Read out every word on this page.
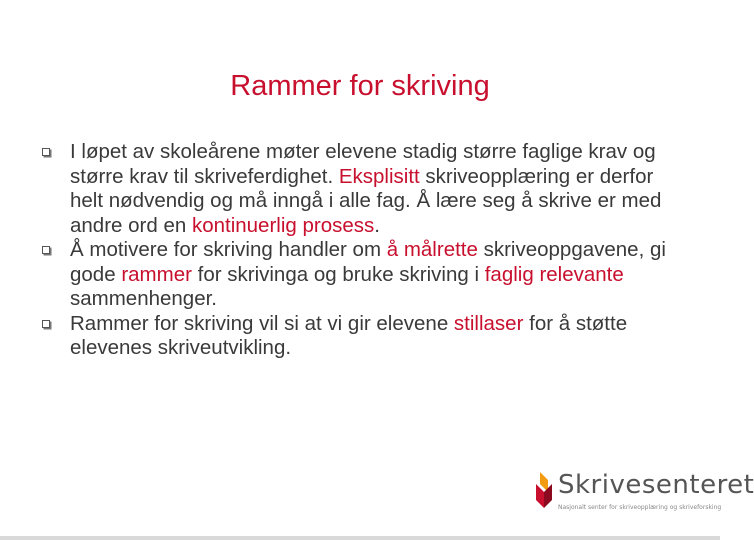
Rammer for skriving
I løpet av skoleårene møter elevene stadig større faglige krav og større krav til skriveferdighet. Eksplisitt skriveopplæring er derfor helt nødvendig og må inngå i alle fag. Å lære seg å skrive er med andre ord en kontinuerlig prosess.
Å motivere for skriving handler om å målrette skriveoppgavene, gi gode rammer for skrivinga og bruke skriving i faglig relevante sammenhenger.
Rammer for skriving vil si at vi gir elevene stillaser for å støtte elevenes skriveutvikling.
Skrivesenteret
Nasjonalt senter for skriveopplæring og skriveforsking
